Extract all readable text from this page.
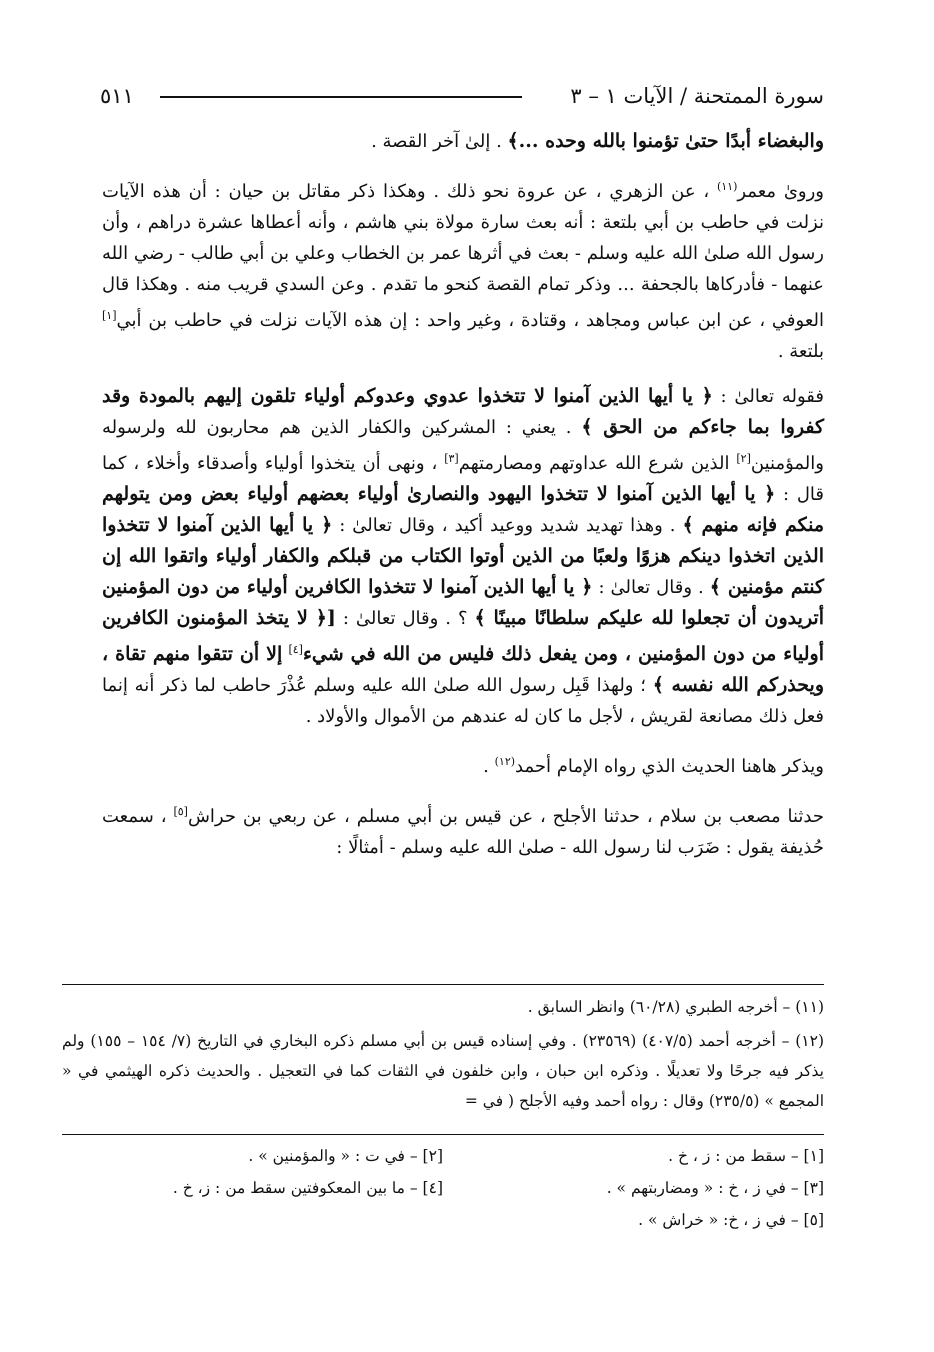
سورة الممتحنة / الآيات ١ – ٣
٥١١

والبغضاء أبدًا حتىٰ تؤمنوا بالله وحده ...﴾ . إلىٰ آخر القصة .

وروىٰ معمر$^{(١١)}$ ، عن الزهري ، عن عروة نحو ذلك . وهكذا ذكر مقاتل بن حيان : أن هذه الآيات نزلت في حاطب بن أبي بلتعة : أنه بعث سارة مولاة بني هاشم ، وأنه أعطاها عشرة دراهم ، وأن رسول الله صلىٰ الله عليه وسلم - بعث في أثرها عمر بن الخطاب وعلي بن أبي طالب - رضي الله عنهما - فأدركاها بالجحفة ... وذكر تمام القصة كنحو ما تقدم . وعن السدي قريب منه . وهكذا قال العوفي ، عن ابن عباس ومجاهد ، وقتادة ، وغير واحد : إن هذه الآيات نزلت في حاطب بن أبي[١] بلتعة .

فقوله تعالىٰ : ﴿ يا أيها الذين آمنوا لا تتخذوا عدوي وعدوكم أولياء تلقون إليهم بالمودة وقد كفروا بما جاءكم من الحق ﴾ . يعني : المشركين والكفار الذين هم محاربون لله ولرسوله والمؤمنين[٢] الذين شرع الله عداوتهم ومصارمتهم[٣] ، ونهى أن يتخذوا أولياء وأصدقاء وأخلاء ، كما قال : ﴿ يا أيها الذين آمنوا لا تتخذوا اليهود والنصارىٰ أولياء بعضهم أولياء بعض ومن يتولهم منكم فإنه منهم ﴾ . وهذا تهديد شديد ووعيد أكيد ، وقال تعالىٰ : ﴿ يا أيها الذين آمنوا لا تتخذوا الذين اتخذوا دينكم هزوًا ولعبًا من الذين أوتوا الكتاب من قبلكم والكفار أولياء واتقوا الله إن كنتم مؤمنين ﴾ . وقال تعالىٰ : ﴿ يا أيها الذين آمنوا لا تتخذوا الكافرين أولياء من دون المؤمنين أتريدون أن تجعلوا لله عليكم سلطانًا مبينًا ﴾ ؟ . وقال تعالىٰ : [﴿ لا يتخذ المؤمنون الكافرين أولياء من دون المؤمنين ، ومن يفعل ذلك فليس من الله في شيء[٤] إلا أن تتقوا منهم تقاة ، ويحذركم الله نفسه ﴾ ؛ ولهذا قَبِل رسول الله صلىٰ الله عليه وسلم عُذْرَ حاطب لما ذكر أنه إنما فعل ذلك مصانعة لقريش ، لأجل ما كان له عندهم من الأموال والأولاد .

ويذكر هاهنا الحديث الذي رواه الإمام أحمد$^{(١٢)}$ .

حدثنا مصعب بن سلام ، حدثنا الأجلح ، عن قيس بن أبي مسلم ، عن ربعي بن حراش[٥] ، سمعت حُذيفة يقول : ضَرَب لنا رسول الله - صلىٰ الله عليه وسلم - أمثالًا :

(١١) – أخرجه الطبري (٦٠/٢٨) وانظر السابق .

(١٢) – أخرجه أحمد (٤٠٧/٥) (٢٣٥٦٩) . وفي إسناده قيس بن أبي مسلم ذكره البخاري في التاريخ (٧/ ١٥٤ – ١٥٥) ولم يذكر فيه جرحًا ولا تعديلًا . وذكره ابن حبان ، وابن خلفون في الثقات كما في التعجيل . والحديث ذكره الهيثمي في « المجمع » (٢٣٥/٥) وقال : رواه أحمد وفيه الأجلح ( في =

[١] – سقط من : ز ، خ .
[٢] – في ت : « والمؤمنين » .
[٣] – في ز ، خ : « ومضاربتهم » .
[٤] – ما بين المعكوفتين سقط من : ز، خ .
[٥] – في ز ، خ: « خراش » .
